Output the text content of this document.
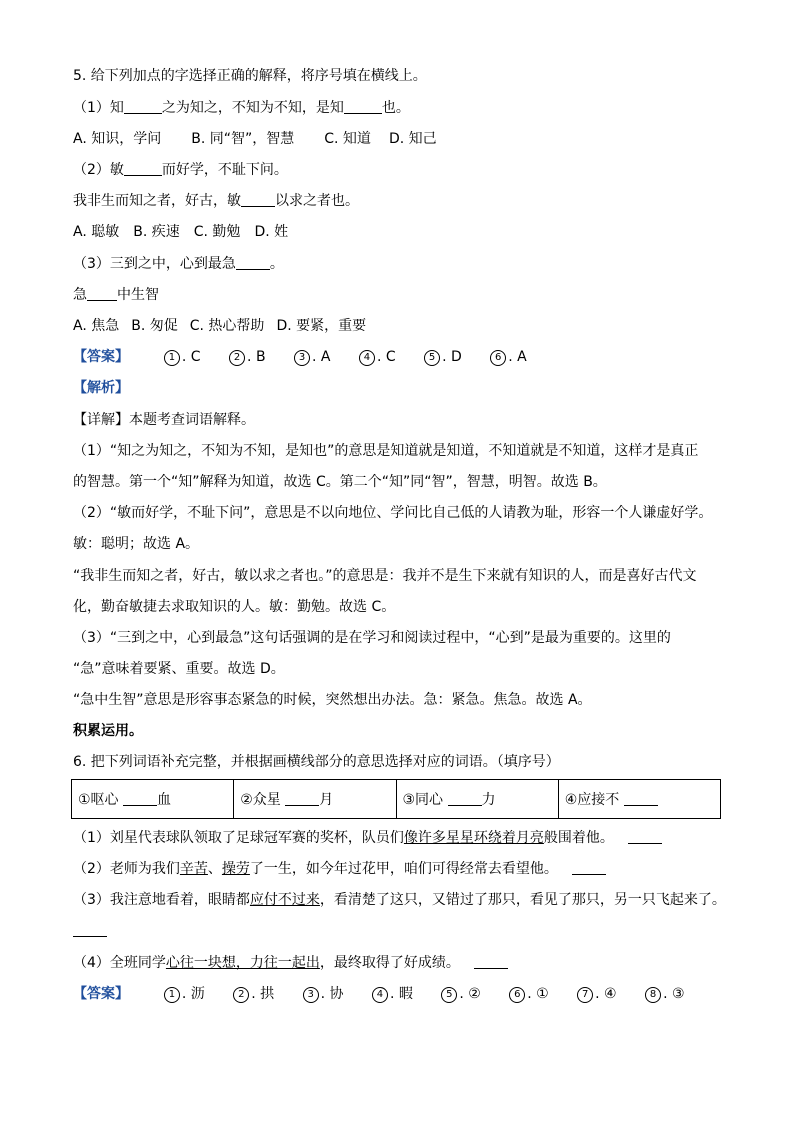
5. 给下列加点的字选择正确的解释，将序号填在横线上。
（1）知	之为知之，不知为不知，是知	也。
A. 知识，学问 B. 同“智”，智慧 C. 知道 D. 知己
（2）敏	而好学，不耻下问。
我非生而知之者，好古，敏 以求之者也。
A. 聪敏 B. 疾速 C. 勤勉 D. 姓
（3）三到之中，心到最急 。
急 中生智
A. 焦急 B. 匆促 C. 热心帮助 D. 要紧，重要
【答案】	1 . C	2 . B	3 . A	4 . C	5 . D	6 . A
【解析】
【详解】本题考查词语解释。
（1）“知之为知之，不知为不知，是知也”的意思是知道就是知道，不知道就是不知道，这样才是真正
的智慧。第一个“知”解释为知道，故选 C。第二个“知”同“智”，智慧，明智。故选 B。
（2）“敏而好学，不耻下问”，意思是不以向地位、学问比自己低的人请教为耻，形容一个人谦虚好学。
敏：聪明；故选 A。
“我非生而知之者，好古，敏以求之者也。”的意思是：我并不是生下来就有知识的人，而是喜好古代文
化，勤奋敏捷去求取知识的人。敏：勤勉。故选 C。
（3）“三到之中，心到最急”这句话强调的是在学习和阅读过程中，“心到”是最为重要的。这里的
“急”意味着要紧、重要。故选 D。
“急中生智”意思是形容事态紧急的时候，突然想出办法。急：紧急。焦急。故选 A。
积累运用。
6. 把下列词语补充完整，并根据画横线部分的意思选择对应的词语。（填序号）
①呕心	血	②众星	月	③同心	力	④应接不
（1）刘星代表球队领取了足球冠军赛的奖杯，队员们像许多星星环绕着月亮般围着他。
（2）老师为我们辛苦、操劳了一生，如今年过花甲，咱们可得经常去看望他。
（3）我注意地看着，眼睛都应付不过来，看清楚了这只，又错过了那只，看见了那只，另一只飞起来了。
（4）全班同学心往一块想，力往一起出，最终取得了好成绩。
【答案】	1 . 沥	2 . 拱	3 . 协	4 . 暇	5 . ②	6 . ①	7 . ④	8 . ③
